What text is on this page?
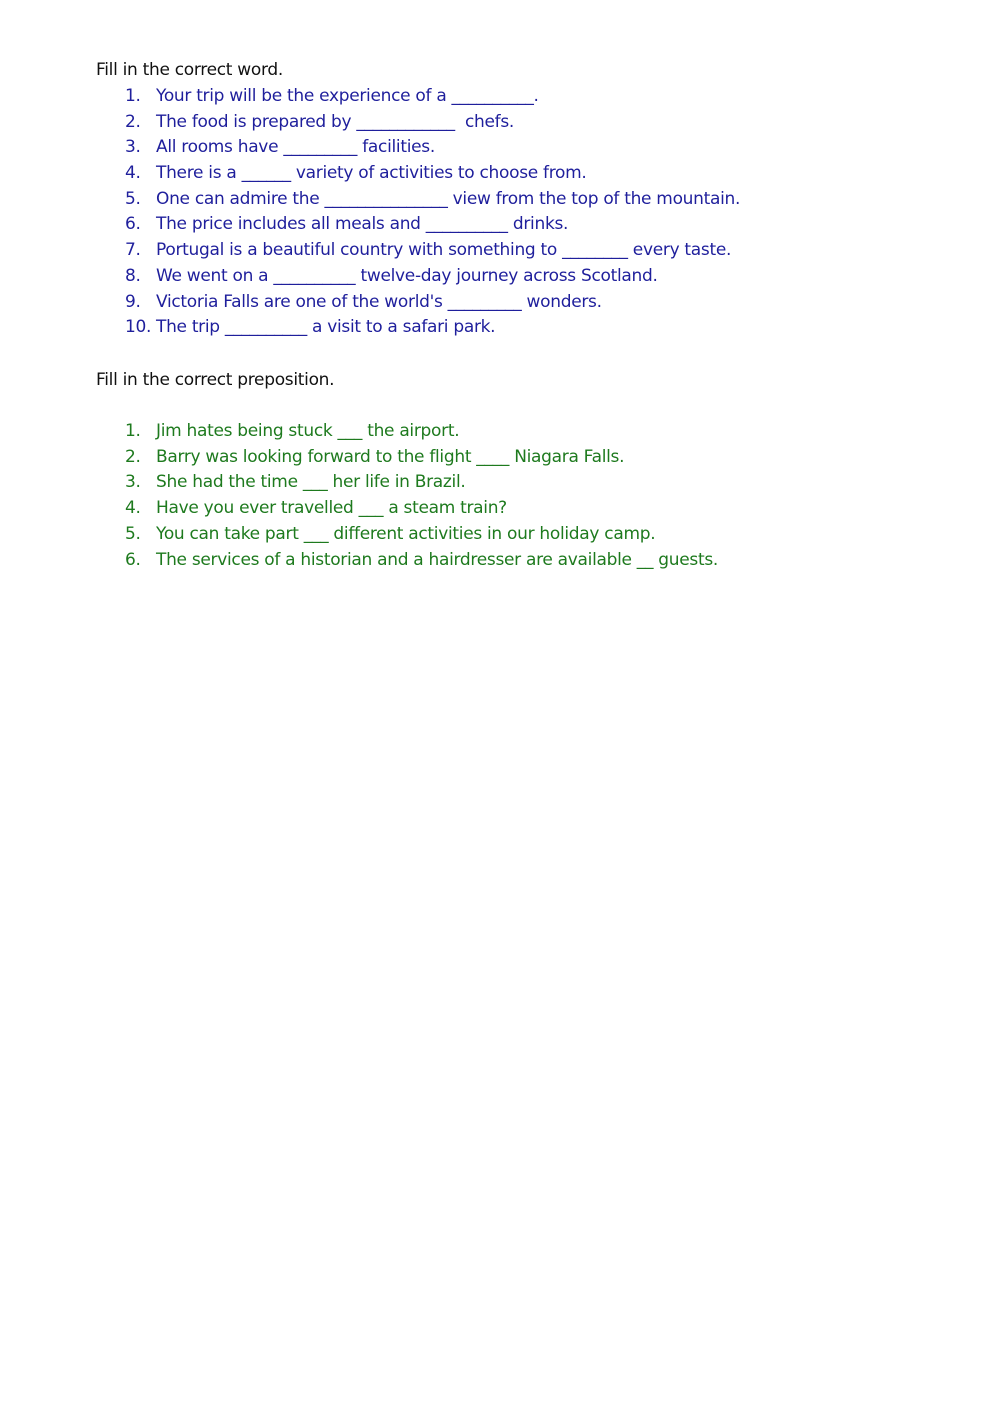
Fill in the correct word.
1. Your trip will be the experience of a __________.
2. The food is prepared by ____________  chefs.
3. All rooms have _________ facilities.
4. There is a ______ variety of activities to choose from.
5. One can admire the _______________ view from the top of the mountain.
6. The price includes all meals and __________ drinks.
7. Portugal is a beautiful country with something to ________ every taste.
8. We went on a __________ twelve-day journey across Scotland.
9. Victoria Falls are one of the world's _________ wonders.
10. The trip __________ a visit to a safari park.
Fill in the correct preposition.
1. Jim hates being stuck ___ the airport.
2. Barry was looking forward to the flight ____ Niagara Falls.
3. She had the time ___ her life in Brazil.
4. Have you ever travelled ___ a steam train?
5. You can take part ___ different activities in our holiday camp.
6. The services of a historian and a hairdresser are available __ guests.
